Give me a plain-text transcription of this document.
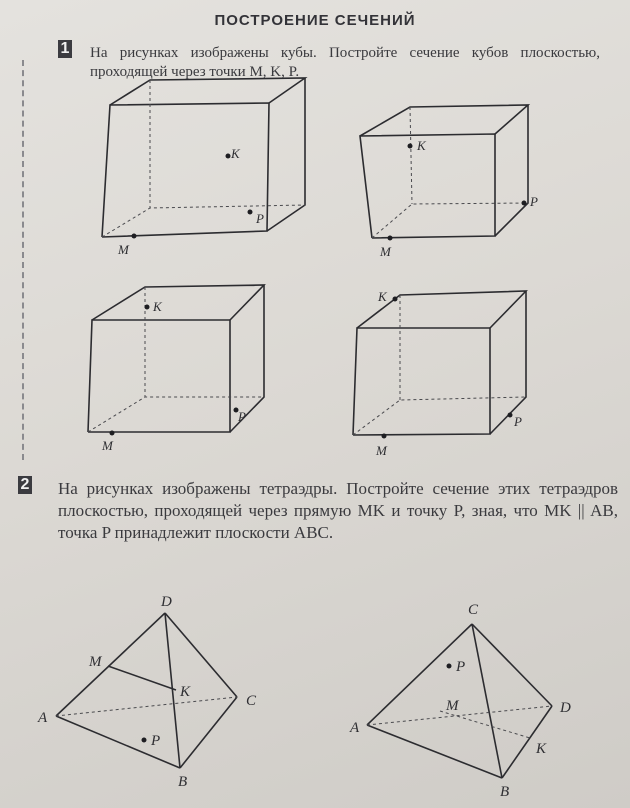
ПОСТРОЕНИЕ СЕЧЕНИЙ
1 На рисунках изображены кубы. Постройте сечение кубов плоскостью, проходящей через точки M, K, P.

2 На рисунках изображены тетраэдры. Постройте сечение этих тетраэдров плоскостью, проходящей через прямую MK и точку P, зная, что MK || AB, точка P принадлежит плоскости ABC.

K
P
M
K
P
M
K
P
M
K
P
M
D
M
K
C
A
P
B
C
P
M	D
A
K
B
